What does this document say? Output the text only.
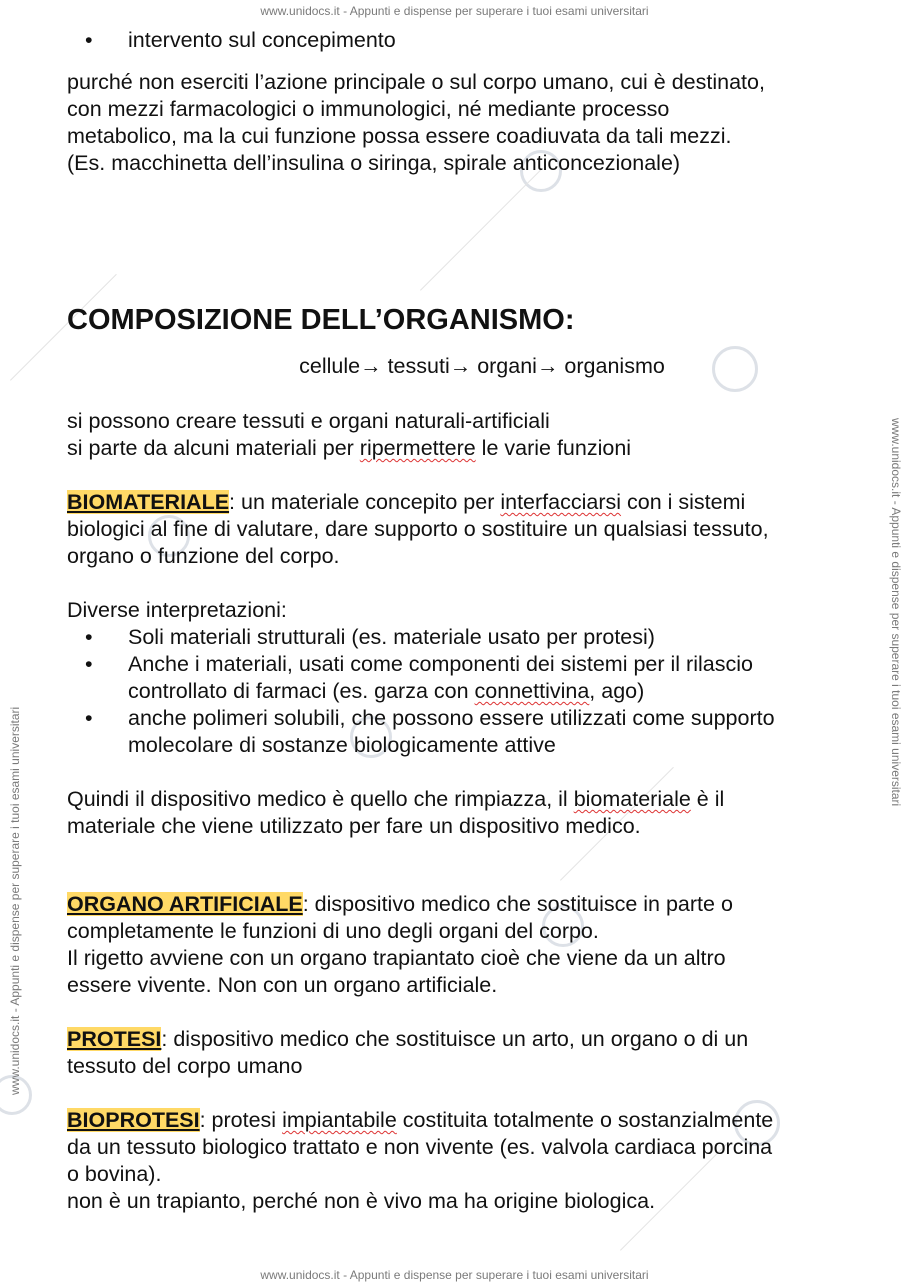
www.unidocs.it - Appunti e dispense per superare i tuoi esami universitari
www.unidocs.it - Appunti e dispense per superare i tuoi esami universitari
www.unidocs.it - Appunti e dispense per superare i tuoi esami universitari
www.unidocs.it - Appunti e dispense per superare i tuoi esami universitari
• intervento sul concepimento

purché non eserciti l’azione principale o sul corpo umano, cui è destinato,
con mezzi farmacologici o immunologici, né mediante processo
metabolico, ma la cui funzione possa essere coadiuvata da tali mezzi.
(Es. macchinetta dell’insulina o siringa, spirale anticoncezionale)

COMPOSIZIONE DELL’ORGANISMO:

cellule→ tessuti→ organi→ organismo

si possono creare tessuti e organi naturali-artificiali
si parte da alcuni materiali per ripermettere le varie funzioni

BIOMATERIALE: un materiale concepito per interfacciarsi con i sistemi
biologici al fine di valutare, dare supporto o sostituire un qualsiasi tessuto,
organo o funzione del corpo.

Diverse interpretazioni:

• Soli materiali strutturali (es. materiale usato per protesi)
• Anche i materiali, usati come componenti dei sistemi per il rilascio
controllato di farmaci (es. garza con connettivina, ago)
• anche polimeri solubili, che possono essere utilizzati come supporto
molecolare di sostanze biologicamente attive

Quindi il dispositivo medico è quello che rimpiazza, il biomateriale è il
materiale che viene utilizzato per fare un dispositivo medico.

ORGANO ARTIFICIALE: dispositivo medico che sostituisce in parte o
completamente le funzioni di uno degli organi del corpo.
Il rigetto avviene con un organo trapiantato cioè che viene da un altro
essere vivente. Non con un organo artificiale.

PROTESI: dispositivo medico che sostituisce un arto, un organo o di un
tessuto del corpo umano

BIOPROTESI: protesi impiantabile costituita totalmente o sostanzialmente
da un tessuto biologico trattato e non vivente (es. valvola cardiaca porcina
o bovina).
non è un trapianto, perché non è vivo ma ha origine biologica.
